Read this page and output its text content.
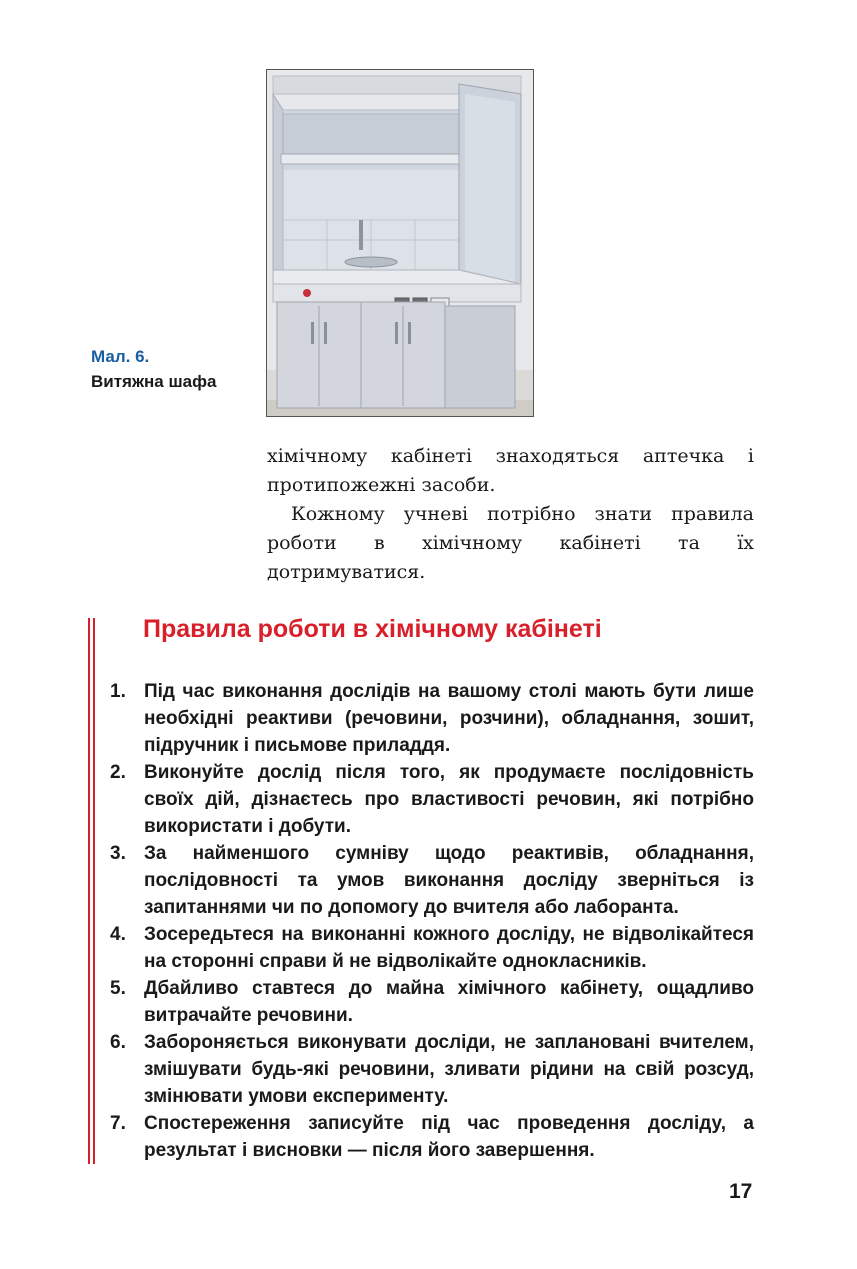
Мал. 6.
Витяжна шафа

хімічному кабінеті знаходяться аптечка і протипожежні засоби.

Кожному учневі потрібно знати правила роботи в хімічному кабінеті та їх дотримуватися.

Правила роботи в хімічному кабінеті
1. Під час виконання дослідів на вашому столі мають бути лише необхідні реактиви (речовини, розчини), обладнання, зошит, підручник і письмове приладдя.
2. Виконуйте дослід після того, як продумаєте послідовність своїх дій, дізнаєтесь про властивості речовин, які потрібно використати і добути.
3. За найменшого сумніву щодо реактивів, обладнання, послідовності та умов виконання досліду зверніться із запитаннями чи по допомогу до вчителя або лаборанта.
4. Зосередьтеся на виконанні кожного досліду, не відволікайтеся на сторонні справи й не відволікайте однокласників.
5. Дбайливо ставтеся до майна хімічного кабінету, ощадливо витрачайте речовини.
6. Забороняється виконувати досліди, не заплановані вчителем, змішувати будь-які речовини, зливати рідини на свій розсуд, змінювати умови експерименту.
7. Спостереження записуйте під час проведення досліду, а результат і висновки — після його завершення.
17
